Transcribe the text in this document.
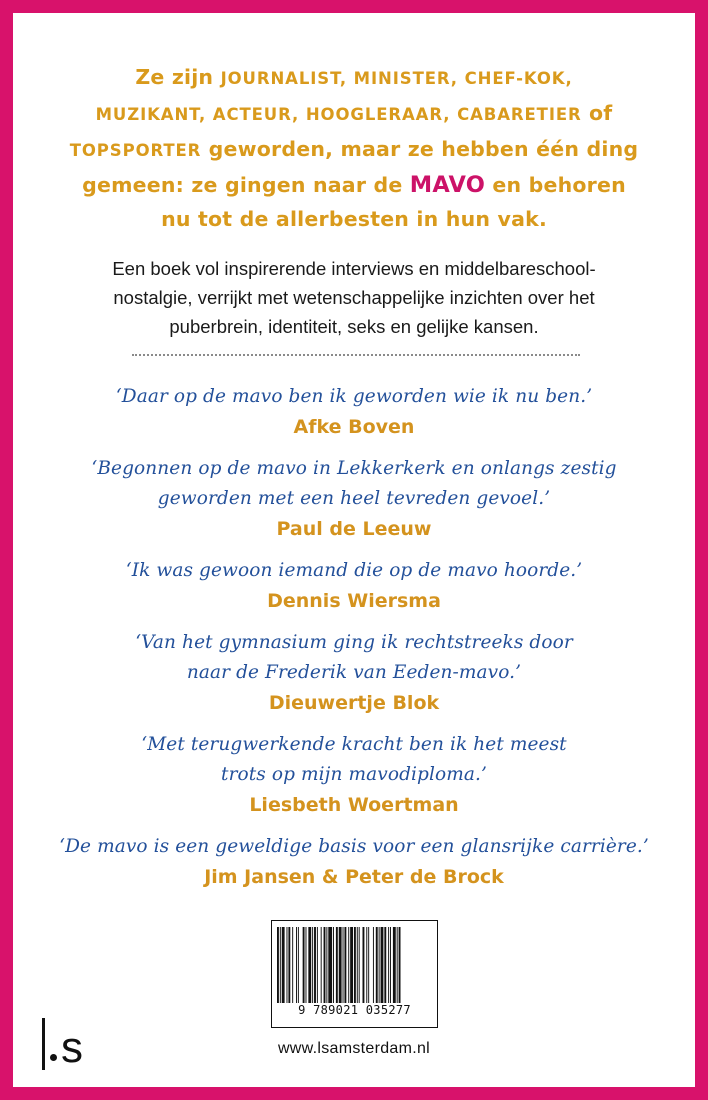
Ze zijn JOURNALIST, MINISTER, CHEF-KOK,
MUZIKANT, ACTEUR, HOOGLERAAR, CABARETIER of
TOPSPORTER geworden, maar ze hebben één ding
gemeen: ze gingen naar de MAVO en behoren
nu tot de allerbesten in hun vak.
Een boek vol inspirerende interviews en middelbareschool-
nostalgie, verrijkt met wetenschappelijke inzichten over het
puberbrein, identiteit, seks en gelijke kansen.
‘Daar op de mavo ben ik geworden wie ik nu ben.’
Afke Boven
‘Begonnen op de mavo in Lekkerkerk en onlangs zestig
geworden met een heel tevreden gevoel.’
Paul de Leeuw
‘Ik was gewoon iemand die op de mavo hoorde.’
Dennis Wiersma
‘Van het gymnasium ging ik rechtstreeks door
naar de Frederik van Eeden-mavo.’
Dieuwertje Blok
‘Met terugwerkende kracht ben ik het meest
trots op mijn mavodiploma.’
Liesbeth Woertman
‘De mavo is een geweldige basis voor een glansrijke carrière.’
Jim Jansen & Peter de Brock
9 789021 035277
s	www.lsamsterdam.nl
